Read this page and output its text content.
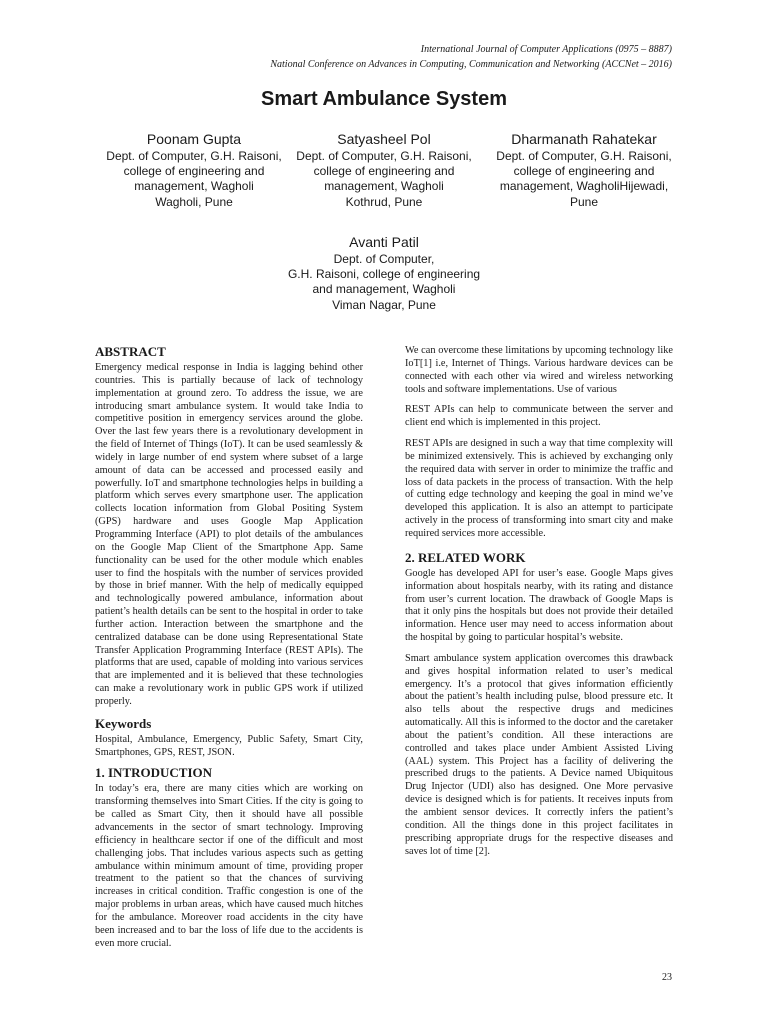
International Journal of Computer Applications (0975 – 8887)
National Conference on Advances in Computing, Communication and Networking (ACCNet – 2016)
Smart Ambulance System
Poonam Gupta
Dept. of Computer, G.H. Raisoni,
college of engineering and
management, Wagholi
Wagholi, Pune
Satyasheel Pol
Dept. of Computer, G.H. Raisoni,
college of engineering and
management, Wagholi
Kothrud, Pune
Dharmanath Rahatekar
Dept. of Computer, G.H. Raisoni,
college of engineering and
management, WagholiHijewadi,
Pune
Avanti Patil
Dept. of Computer,
G.H. Raisoni, college of engineering
and management, Wagholi
Viman Nagar, Pune
ABSTRACT

Emergency medical response in India is lagging behind other countries. This is partially because of lack of technology implementation at ground zero. To address the issue, we are introducing smart ambulance system. It would take India to competitive position in emergency services around the globe. Over the last few years there is a revolutionary development in the field of Internet of Things (IoT). It can be used seamlessly & widely in large number of end system where subset of a large amount of data can be accessed and processed easily and powerfully. IoT and smartphone technologies helps in building a platform which serves every smartphone user. The application collects location information from Global Positing System (GPS) hardware and uses Google Map Application Programming Interface (API) to plot details of the ambulances on the Google Map Client of the Smartphone App. Same functionality can be used for the other module which enables user to find the hospitals with the number of services provided by those in brief manner. With the help of medically equipped and technologically powered ambulance, information about patient’s health details can be sent to the hospital in order to take further action. Interaction between the smartphone and the centralized database can be done using Representational State Transfer Application Programming Interface (REST APIs). The platforms that are used, capable of molding into various services that are implemented and it is believed that these technologies can make a revolutionary work in public GPS work if utilized properly.

Keywords

Hospital, Ambulance, Emergency, Public Safety, Smart City, Smartphones, GPS, REST, JSON.

1. INTRODUCTION

In today’s era, there are many cities which are working on transforming themselves into Smart Cities. If the city is going to be called as Smart City, then it should have all possible advancements in the sector of smart technology. Improving efficiency in healthcare sector if one of the difficult and most challenging jobs. That includes various aspects such as getting ambulance within minimum amount of time, providing proper treatment to the patient so that the chances of surviving increases in critical condition. Traffic congestion is one of the major problems in urban areas, which have caused much hitches for the ambulance. Moreover road accidents in the city have been increased and to bar the loss of life due to the accidents is even more crucial.

We can overcome these limitations by upcoming technology like IoT[1] i.e, Internet of Things. Various hardware devices can be connected with each other via wired and wireless networking tools and software implementations. Use of various

REST APIs can help to communicate between the server and client end which is implemented in this project.

REST APIs are designed in such a way that time complexity will be minimized extensively. This is achieved by exchanging only the required data with server in order to minimize the traffic and loss of data packets in the process of transaction. With the help of cutting edge technology and keeping the goal in mind we’ve developed this application. It is also an attempt to participate actively in the process of transforming into smart city and make required services more accessible.

2. RELATED WORK

Google has developed API for user’s ease. Google Maps gives information about hospitals nearby, with its rating and distance from user’s current location. The drawback of Google Maps is that it only pins the hospitals but does not provide their detailed information. Hence user may need to access information about the hospital by going to particular hospital’s website.

Smart ambulance system application overcomes this drawback and gives hospital information related to user’s medical emergency. It’s a protocol that gives information efficiently about the patient’s health including pulse, blood pressure etc. It also tells about the respective drugs and medicines automatically. All this is informed to the doctor and the caretaker about the patient’s condition. All these interactions are controlled and takes place under Ambient Assisted Living (AAL) system. This Project has a facility of delivering the prescribed drugs to the patients. A Device named Ubiquitous Drug Injector (UDI) also has designed. One More pervasive device is designed which is for patients. It receives inputs from the ambient sensor devices. It correctly infers the patient’s condition. All the things done in this project facilitates in prescribing appropriate drugs for the respective diseases and saves lot of time [2].

23
